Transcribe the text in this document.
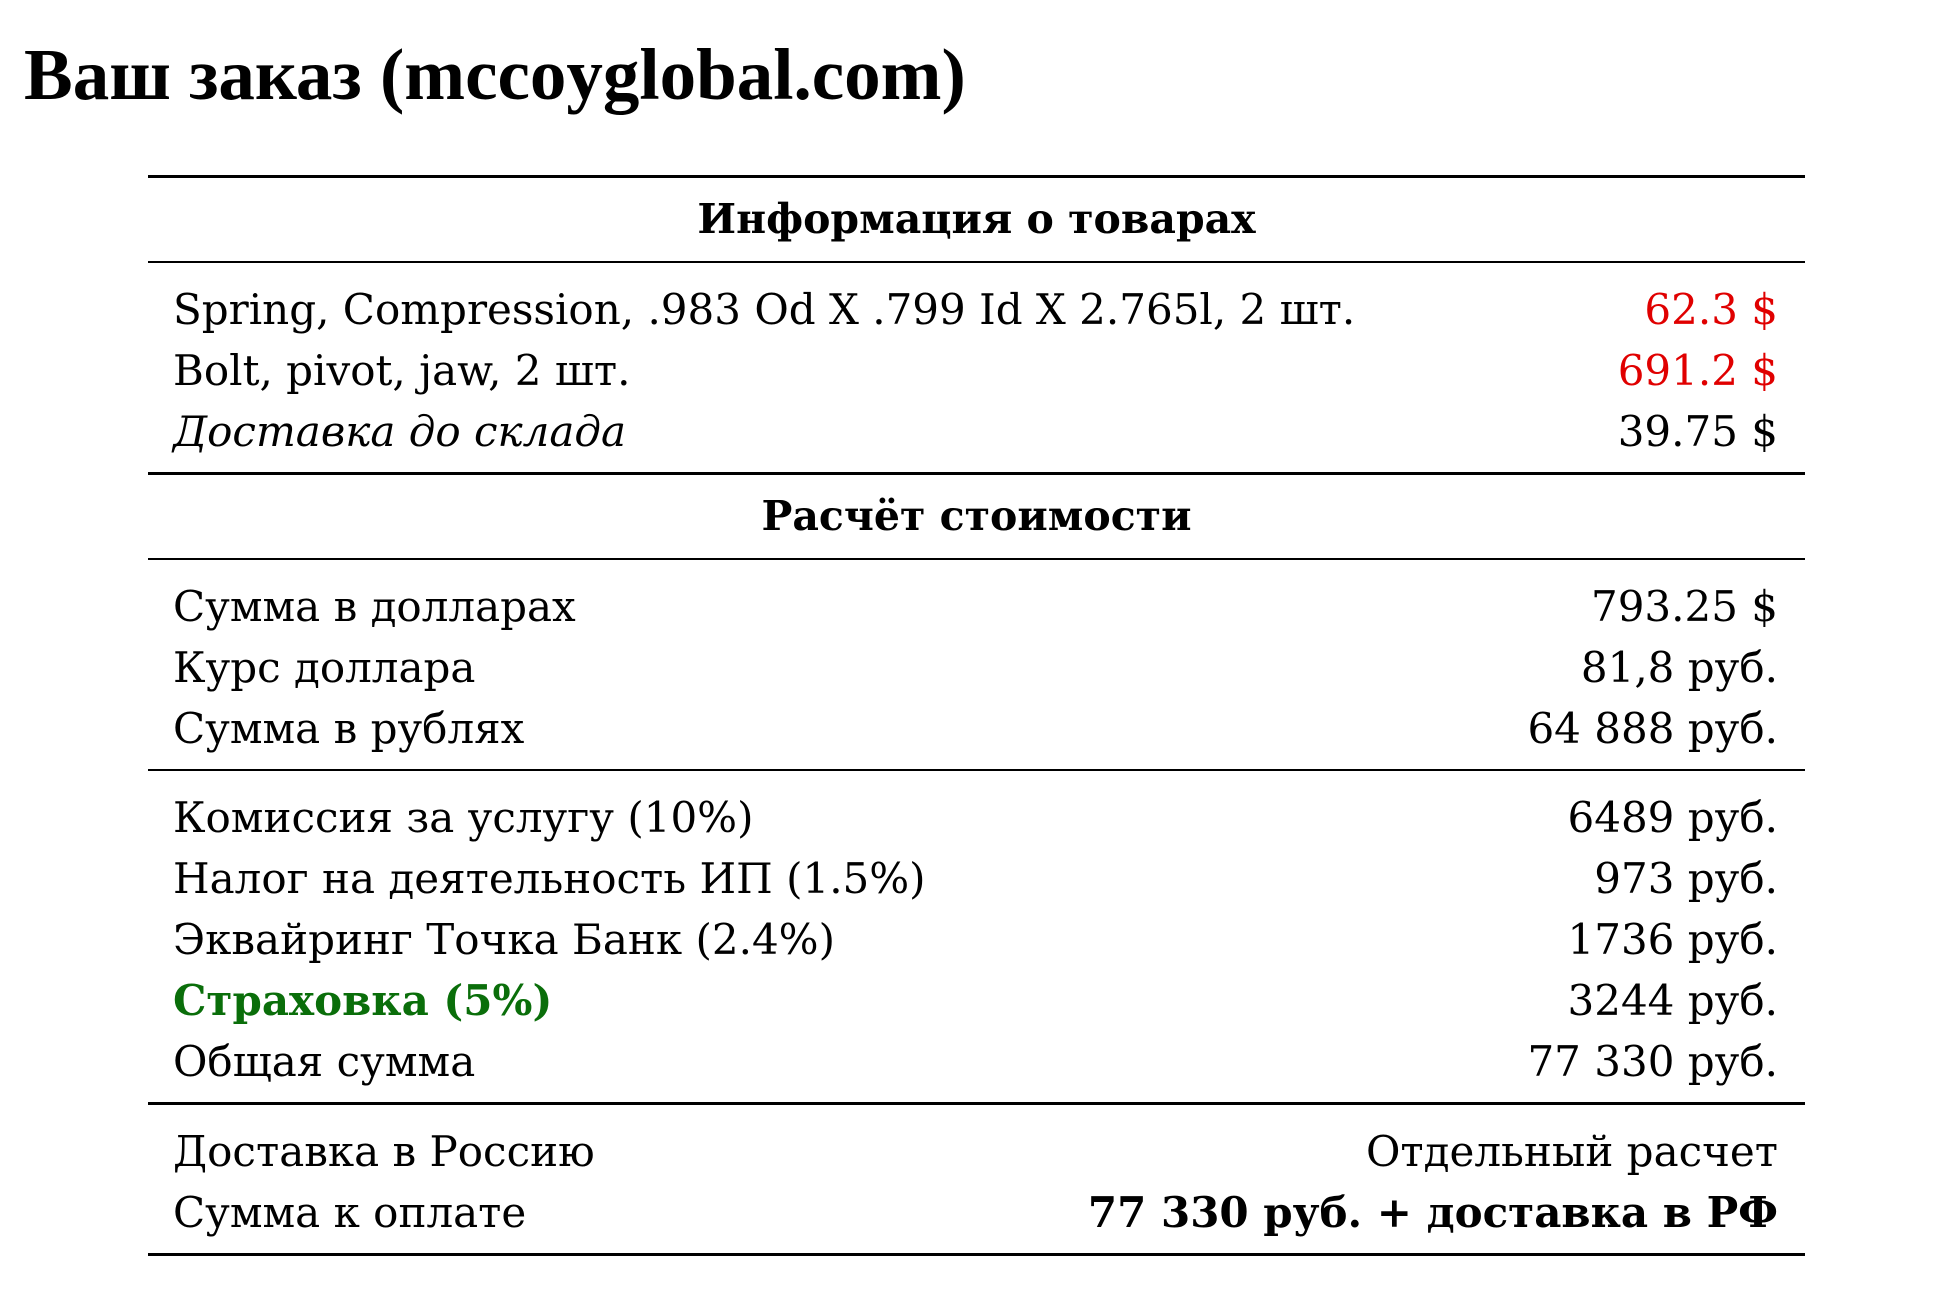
Ваш заказ (mccoyglobal.com)
Информация о товарах
Spring, Compression, .983 Od X .799 Id X 2.765l, 2 шт.	62.3 $
Bolt, pivot, jaw, 2 шт.	691.2 $
Доставка до склада	39.75 $
Расчёт стоимости
Сумма в долларах	793.25 $
Курс доллара	81,8 руб.
Сумма в рублях	64 888 руб.
Комиссия за услугу (10%)	6489 руб.
Налог на деятельность ИП (1.5%)	973 руб.
Эквайринг Точка Банк (2.4%)	1736 руб.
Страховка (5%)	3244 руб.
Общая сумма	77 330 руб.
Доставка в Россию	Отдельный расчет
Сумма к оплате	77 330 руб. + доставка в РФ
